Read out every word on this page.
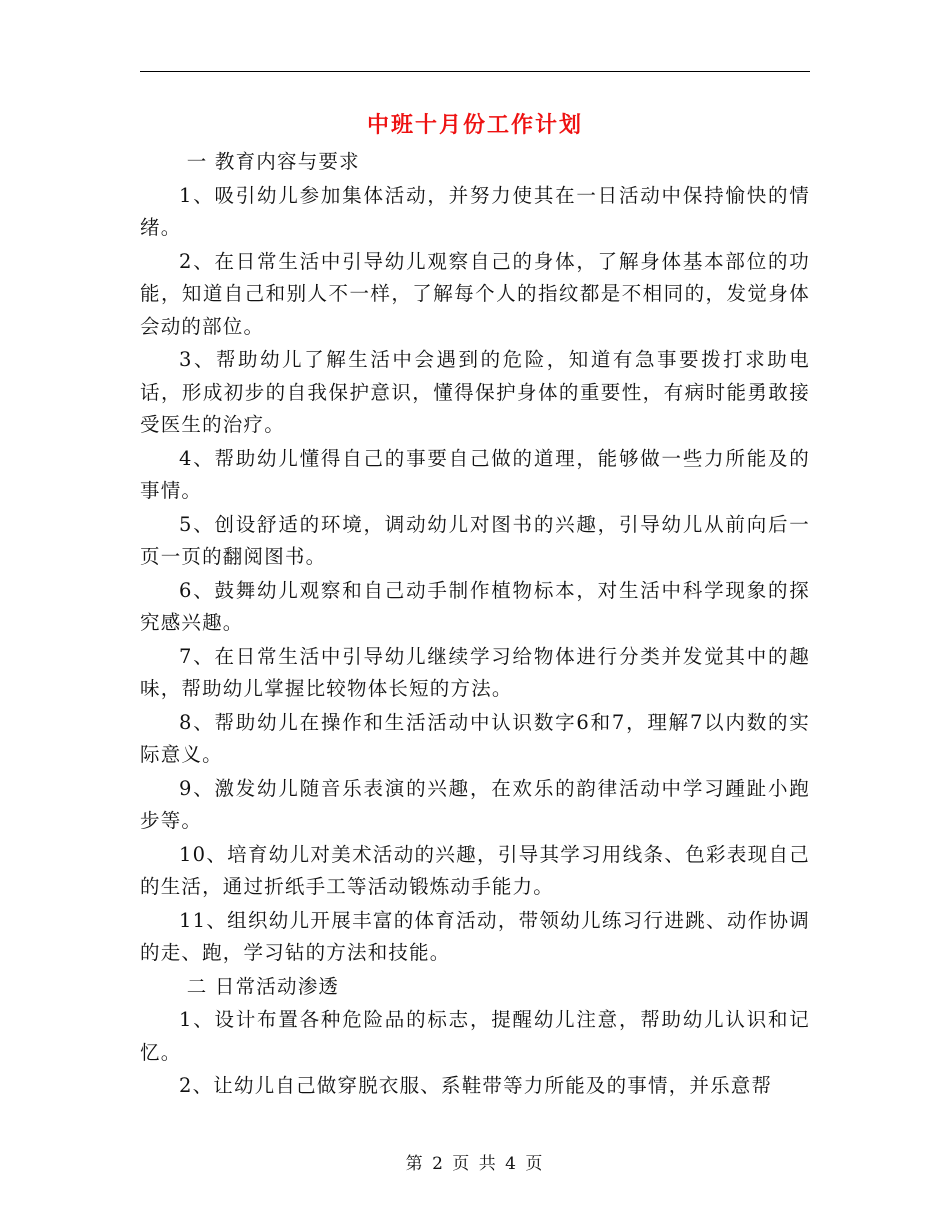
中班十月份工作计划

一 教育内容与要求

1、吸引幼儿参加集体活动，并努力使其在一日活动中保持愉快的情绪。

2、在日常生活中引导幼儿观察自己的身体，了解身体基本部位的功能，知道自己和别人不一样，了解每个人的指纹都是不相同的，发觉身体会动的部位。

3、帮助幼儿了解生活中会遇到的危险，知道有急事要拨打求助电话，形成初步的自我保护意识，懂得保护身体的重要性，有病时能勇敢接受医生的治疗。

4、帮助幼儿懂得自己的事要自己做的道理，能够做一些力所能及的事情。

5、创设舒适的环境，调动幼儿对图书的兴趣，引导幼儿从前向后一页一页的翻阅图书。

6、鼓舞幼儿观察和自己动手制作植物标本，对生活中科学现象的探究感兴趣。

7、在日常生活中引导幼儿继续学习给物体进行分类并发觉其中的趣味，帮助幼儿掌握比较物体长短的方法。

8、帮助幼儿在操作和生活活动中认识数字6和7，理解7以内数的实际意义。

9、激发幼儿随音乐表演的兴趣，在欢乐的韵律活动中学习踵趾小跑步等。

10、培育幼儿对美术活动的兴趣，引导其学习用线条、色彩表现自己的生活，通过折纸手工等活动锻炼动手能力。

11、组织幼儿开展丰富的体育活动，带领幼儿练习行进跳、动作协调的走、跑，学习钻的方法和技能。

二 日常活动渗透

1、设计布置各种危险品的标志，提醒幼儿注意，帮助幼儿认识和记忆。

2、让幼儿自己做穿脱衣服、系鞋带等力所能及的事情，并乐意帮

第 2 页 共 4 页
